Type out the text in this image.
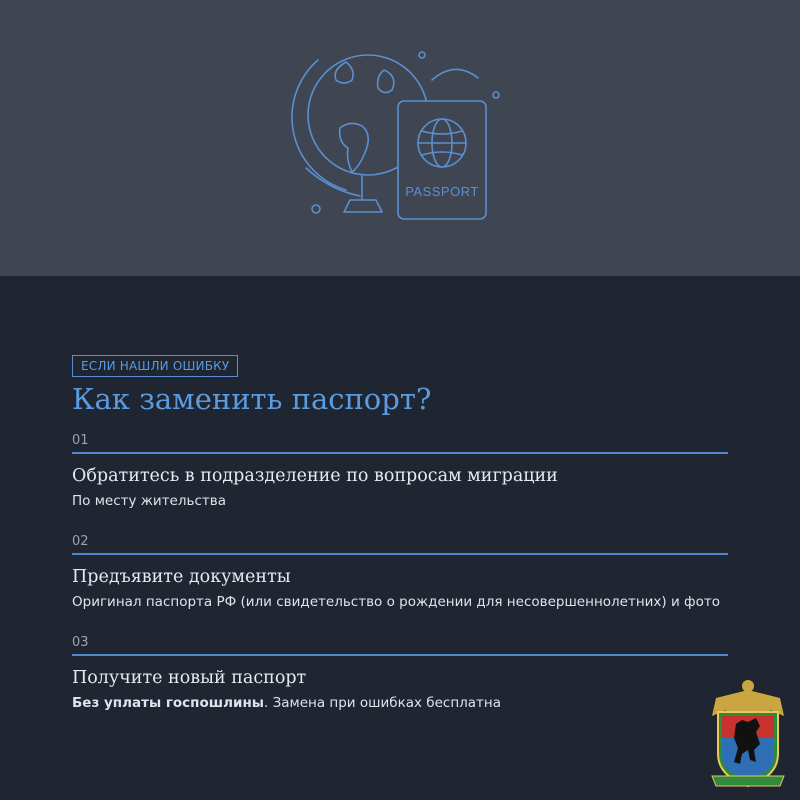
PASSPORT
ЕСЛИ НАШЛИ ОШИБКУ
Как заменить паспорт?
01
Обратитесь в подразделение по вопросам миграции
По месту жительства
02
Предъявите документы
Оригинал паспорта РФ (или свидетельство о рождении для несовершеннолетних) и фото
03
Получите новый паспорт
Без уплаты госпошлины. Замена при ошибках бесплатна
